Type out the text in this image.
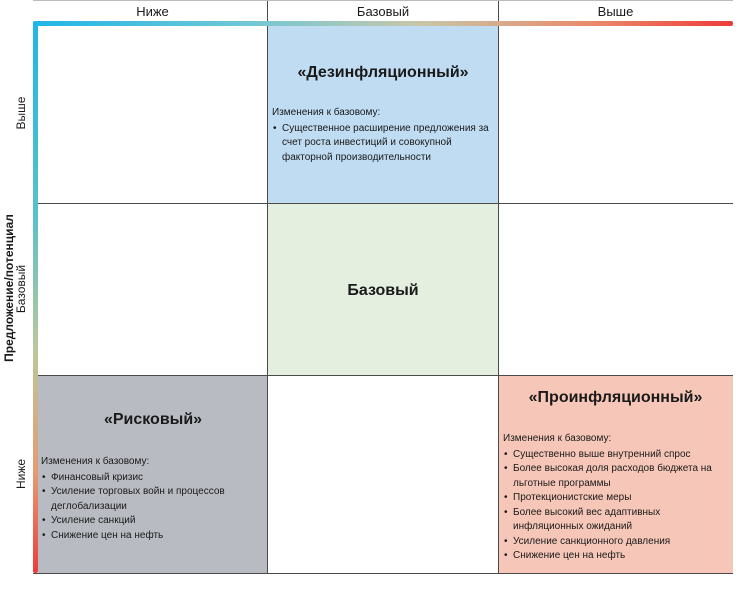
Ниже	Базовый	Выше
Предложение/потенциал
Выше
Базовый
Ниже
«Дезинфляционный»
Изменения к базовому:
• Существенное расширение предложения за счет роста инвестиций и совокупной факторной производительности
Базовый
«Рисковый»
Изменения к базовому:
• Финансовый кризис
• Усиление торговых войн и процессов деглобализации
• Усиление санкций
• Снижение цен на нефть
«Проинфляционный»
Изменения к базовому:
• Существенно выше внутренний спрос
• Более высокая доля расходов бюджета на льготные программы
• Протекционистские меры
• Более высокий вес адаптивных инфляционных ожиданий
• Усиление санкционного давления
• Снижение цен на нефть
